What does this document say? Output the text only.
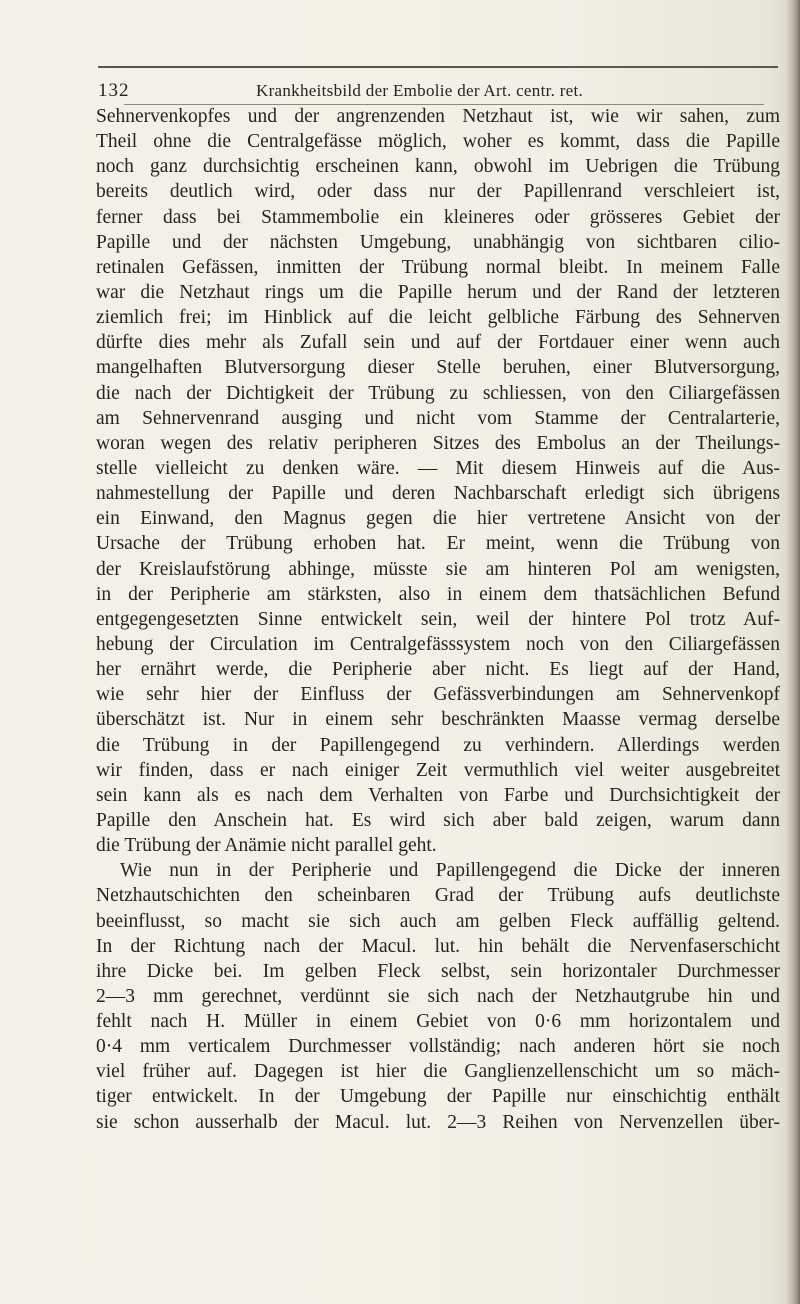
132	Krankheitsbild der Embolie der Art. centr. ret.
Sehnervenkopfes und der angrenzenden Netzhaut ist, wie wir sahen, zum
Theil ohne die Centralgefässe möglich, woher es kommt, dass die Papille
noch ganz durchsichtig erscheinen kann, obwohl im Uebrigen die Trübung
bereits deutlich wird, oder dass nur der Papillenrand verschleiert ist,
ferner dass bei Stammembolie ein kleineres oder grösseres Gebiet der
Papille und der nächsten Umgebung, unabhängig von sichtbaren cilio-
retinalen Gefässen, inmitten der Trübung normal bleibt. In meinem Falle
war die Netzhaut rings um die Papille herum und der Rand der letzteren
ziemlich frei; im Hinblick auf die leicht gelbliche Färbung des Sehnerven
dürfte dies mehr als Zufall sein und auf der Fortdauer einer wenn auch
mangelhaften Blutversorgung dieser Stelle beruhen, einer Blutversorgung,
die nach der Dichtigkeit der Trübung zu schliessen, von den Ciliargefässen
am Sehnervenrand ausging und nicht vom Stamme der Centralarterie,
woran wegen des relativ peripheren Sitzes des Embolus an der Theilungs-
stelle vielleicht zu denken wäre. — Mit diesem Hinweis auf die Aus-
nahmestellung der Papille und deren Nachbarschaft erledigt sich übrigens
ein Einwand, den Magnus gegen die hier vertretene Ansicht von der
Ursache der Trübung erhoben hat. Er meint, wenn die Trübung von
der Kreislaufstörung abhinge, müsste sie am hinteren Pol am wenigsten,
in der Peripherie am stärksten, also in einem dem thatsächlichen Befund
entgegengesetzten Sinne entwickelt sein, weil der hintere Pol trotz Auf-
hebung der Circulation im Centralgefässsystem noch von den Ciliargefässen
her ernährt werde, die Peripherie aber nicht. Es liegt auf der Hand,
wie sehr hier der Einfluss der Gefässverbindungen am Sehnervenkopf
überschätzt ist. Nur in einem sehr beschränkten Maasse vermag derselbe
die Trübung in der Papillengegend zu verhindern. Allerdings werden
wir finden, dass er nach einiger Zeit vermuthlich viel weiter ausgebreitet
sein kann als es nach dem Verhalten von Farbe und Durchsichtigkeit der
Papille den Anschein hat. Es wird sich aber bald zeigen, warum dann
die Trübung der Anämie nicht parallel geht.
Wie nun in der Peripherie und Papillengegend die Dicke der inneren
Netzhautschichten den scheinbaren Grad der Trübung aufs deutlichste
beeinflusst, so macht sie sich auch am gelben Fleck auffällig geltend.
In der Richtung nach der Macul. lut. hin behält die Nervenfaserschicht
ihre Dicke bei. Im gelben Fleck selbst, sein horizontaler Durchmesser
2—3 mm gerechnet, verdünnt sie sich nach der Netzhautgrube hin und
fehlt nach H. Müller in einem Gebiet von 0·6 mm horizontalem und
0·4 mm verticalem Durchmesser vollständig; nach anderen hört sie noch
viel früher auf. Dagegen ist hier die Ganglienzellenschicht um so mäch-
tiger entwickelt. In der Umgebung der Papille nur einschichtig enthält
sie schon ausserhalb der Macul. lut. 2—3 Reihen von Nervenzellen über-
